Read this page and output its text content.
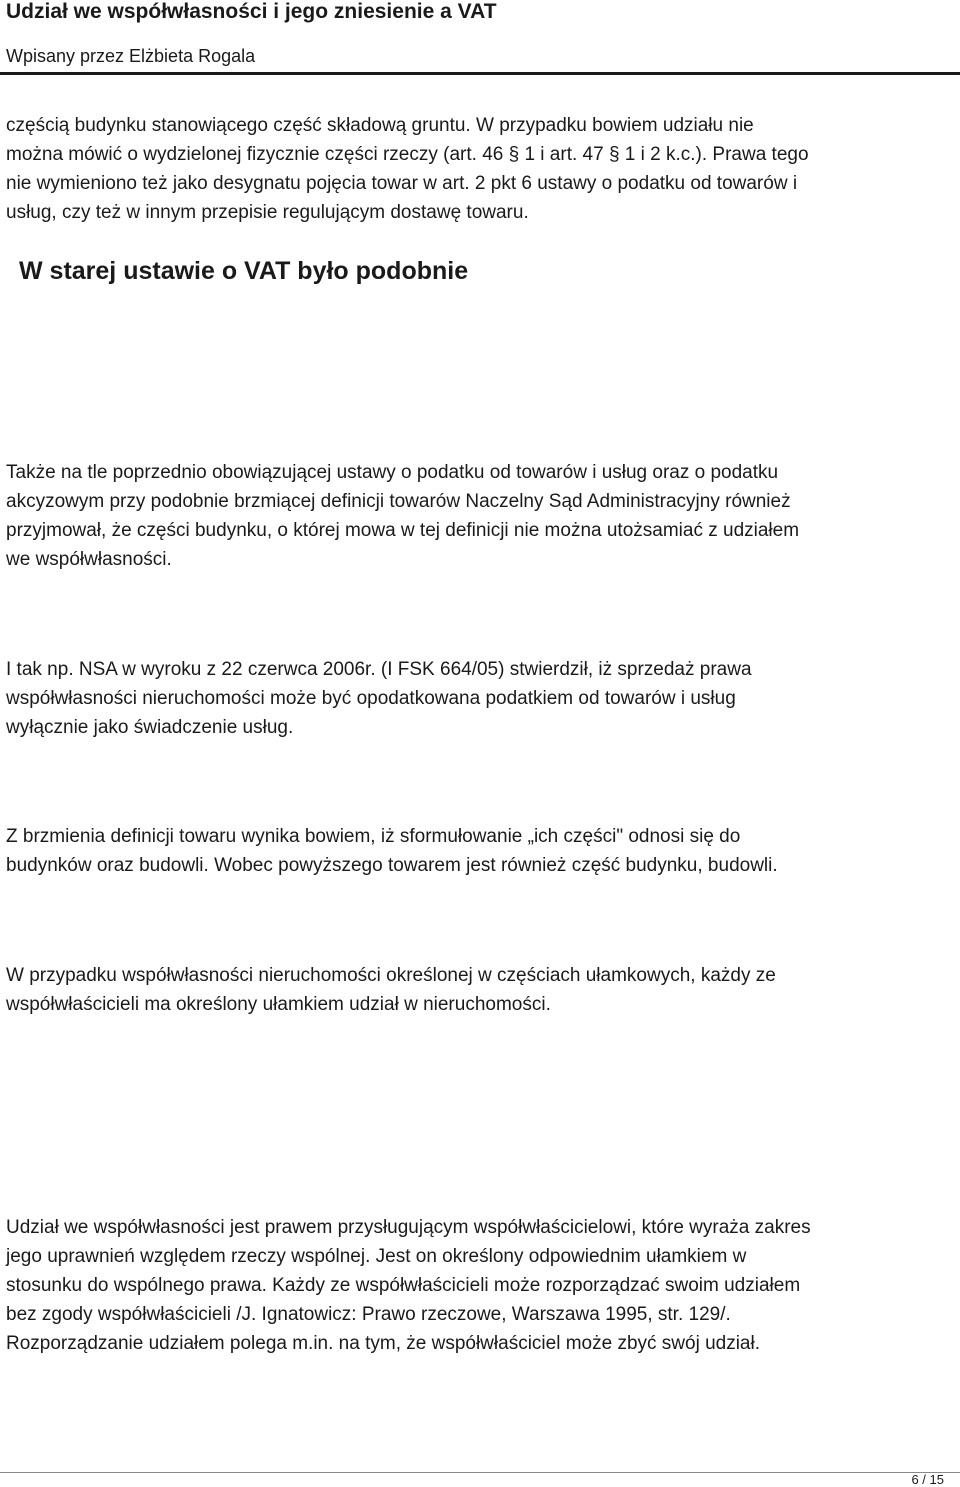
Udział we współwłasności i jego zniesienie a VAT
Wpisany przez Elżbieta Rogala

częścią budynku stanowiącego część składową gruntu. W przypadku bowiem udziału nie
można mówić o wydzielonej fizycznie części rzeczy (art. 46 § 1 i art. 47 § 1 i 2 k.c.). Prawa tego
nie wymieniono też jako desygnatu pojęcia towar w art. 2 pkt 6 ustawy o podatku od towarów i
usług, czy też w innym przepisie regulującym dostawę towaru.

W starej ustawie o VAT było podobnie

Także na tle poprzednio obowiązującej ustawy o podatku od towarów i usług oraz o podatku
akcyzowym przy podobnie brzmiącej definicji towarów Naczelny Sąd Administracyjny również
przyjmował, że części budynku, o której mowa w tej definicji nie można utożsamiać z udziałem
we współwłasności.

I tak np. NSA w wyroku z 22 czerwca 2006r. (I FSK 664/05) stwierdził, iż sprzedaż prawa
współwłasności nieruchomości może być opodatkowana podatkiem od towarów i usług
wyłącznie jako świadczenie usług.

Z brzmienia definicji towaru wynika bowiem, iż sformułowanie „ich części" odnosi się do
budynków oraz budowli. Wobec powyższego towarem jest również część budynku, budowli.

W przypadku współwłasności nieruchomości określonej w częściach ułamkowych, każdy ze
współwłaścicieli ma określony ułamkiem udział w nieruchomości.

Udział we współwłasności jest prawem przysługującym współwłaścicielowi, które wyraża zakres
jego uprawnień względem rzeczy wspólnej. Jest on określony odpowiednim ułamkiem w
stosunku do wspólnego prawa. Każdy ze współwłaścicieli może rozporządzać swoim udziałem
bez zgody współwłaścicieli /J. Ignatowicz: Prawo rzeczowe, Warszawa 1995, str. 129/.
Rozporządzanie udziałem polega m.in. na tym, że współwłaściciel może zbyć swój udział.

6 / 15
